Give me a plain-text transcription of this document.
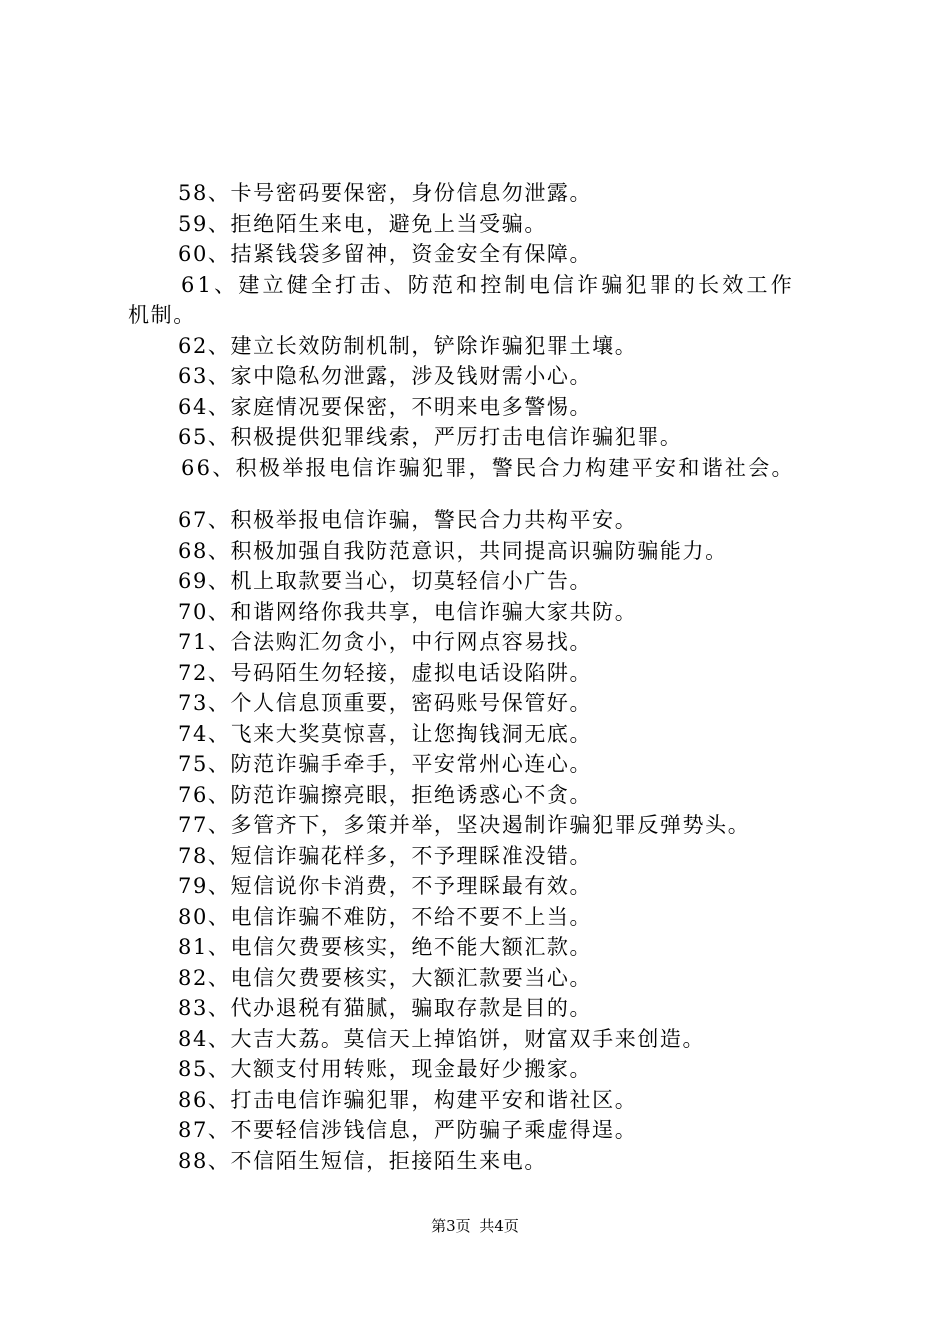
58、卡号密码要保密，身份信息勿泄露。
59、拒绝陌生来电，避免上当受骗。
60、拮紧钱袋多留神，资金安全有保障。
61、建立健全打击、防范和控制电信诈骗犯罪的长效工作
机制。
62、建立长效防制机制，铲除诈骗犯罪土壤。
63、家中隐私勿泄露，涉及钱财需小心。
64、家庭情况要保密，不明来电多警惕。
65、积极提供犯罪线索，严厉打击电信诈骗犯罪。
66、积极举报电信诈骗犯罪，警民合力构建平安和谐社会。
67、积极举报电信诈骗，警民合力共构平安。
68、积极加强自我防范意识，共同提高识骗防骗能力。
69、机上取款要当心，切莫轻信小广告。
70、和谐网络你我共享，电信诈骗大家共防。
71、合法购汇勿贪小，中行网点容易找。
72、号码陌生勿轻接，虚拟电话设陷阱。
73、个人信息顶重要，密码账号保管好。
74、飞来大奖莫惊喜，让您掏钱洞无底。
75、防范诈骗手牵手，平安常州心连心。
76、防范诈骗擦亮眼，拒绝诱惑心不贪。
77、多管齐下，多策并举，坚决遏制诈骗犯罪反弹势头。
78、短信诈骗花样多，不予理睬准没错。
79、短信说你卡消费，不予理睬最有效。
80、电信诈骗不难防，不给不要不上当。
81、电信欠费要核实，绝不能大额汇款。
82、电信欠费要核实，大额汇款要当心。
83、代办退税有猫腻，骗取存款是目的。
84、大吉大荔。莫信天上掉馅饼，财富双手来创造。
85、大额支付用转账，现金最好少搬家。
86、打击电信诈骗犯罪，构建平安和谐社区。
87、不要轻信涉钱信息，严防骗子乘虚得逞。
88、不信陌生短信，拒接陌生来电。
第3页 共4页
